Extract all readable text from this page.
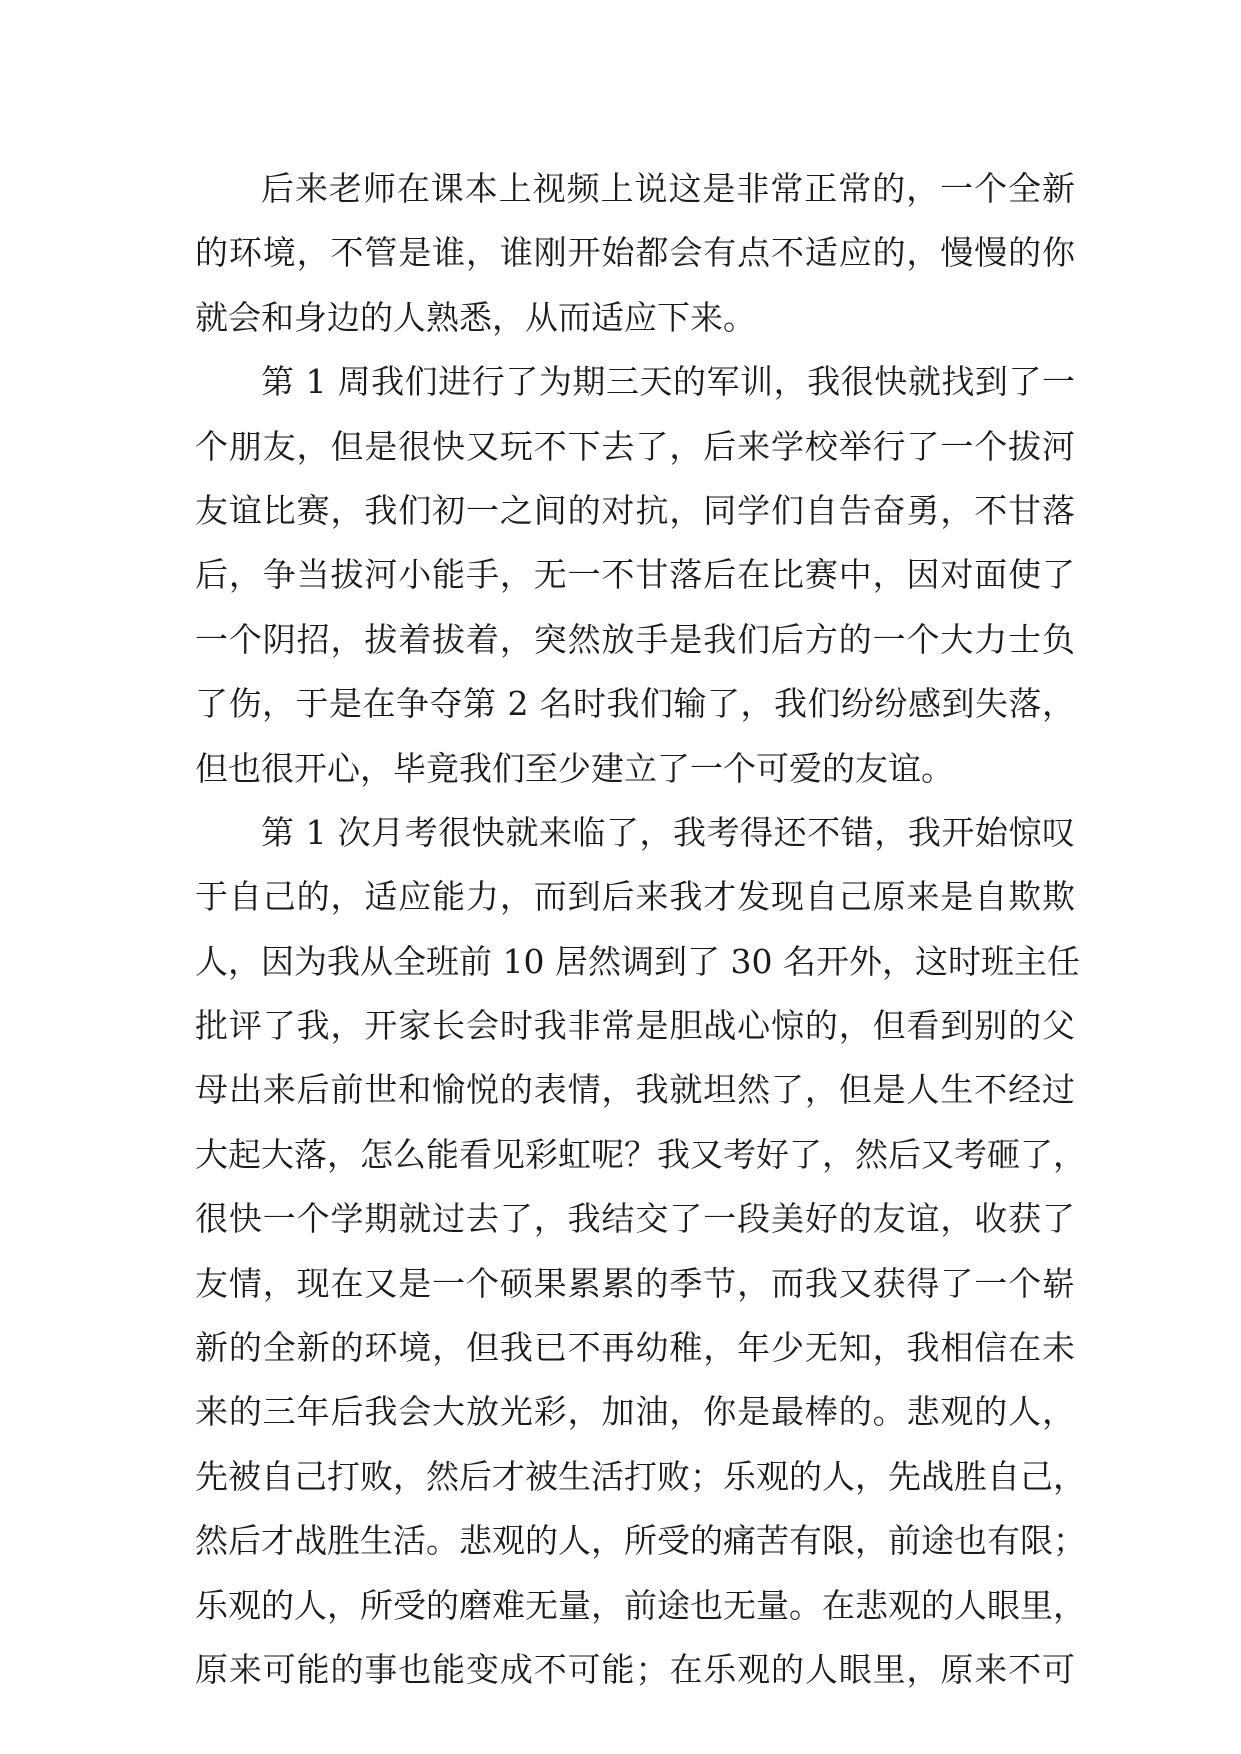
后来老师在课本上视频上说这是非常正常的，一个全新
的环境，不管是谁，谁刚开始都会有点不适应的，慢慢的你
就会和身边的人熟悉，从而适应下来。
第 1 周我们进行了为期三天的军训，我很快就找到了一
个朋友，但是很快又玩不下去了，后来学校举行了一个拔河
友谊比赛，我们初一之间的对抗，同学们自告奋勇，不甘落
后，争当拔河小能手，无一不甘落后在比赛中，因对面使了
一个阴招，拔着拔着，突然放手是我们后方的一个大力士负
了伤，于是在争夺第 2 名时我们输了，我们纷纷感到失落，
但也很开心，毕竟我们至少建立了一个可爱的友谊。
第 1 次月考很快就来临了，我考得还不错，我开始惊叹
于自己的，适应能力，而到后来我才发现自己原来是自欺欺
人，因为我从全班前 10 居然调到了 30 名开外，这时班主任
批评了我，开家长会时我非常是胆战心惊的，但看到别的父
母出来后前世和愉悦的表情，我就坦然了，但是人生不经过
大起大落，怎么能看见彩虹呢？我又考好了，然后又考砸了，
很快一个学期就过去了，我结交了一段美好的友谊，收获了
友情，现在又是一个硕果累累的季节，而我又获得了一个崭
新的全新的环境，但我已不再幼稚，年少无知，我相信在未
来的三年后我会大放光彩，加油，你是最棒的。悲观的人，
先被自己打败，然后才被生活打败；乐观的人，先战胜自己，
然后才战胜生活。悲观的人，所受的痛苦有限，前途也有限；
乐观的人，所受的磨难无量，前途也无量。在悲观的人眼里，
原来可能的事也能变成不可能；在乐观的人眼里，原来不可
